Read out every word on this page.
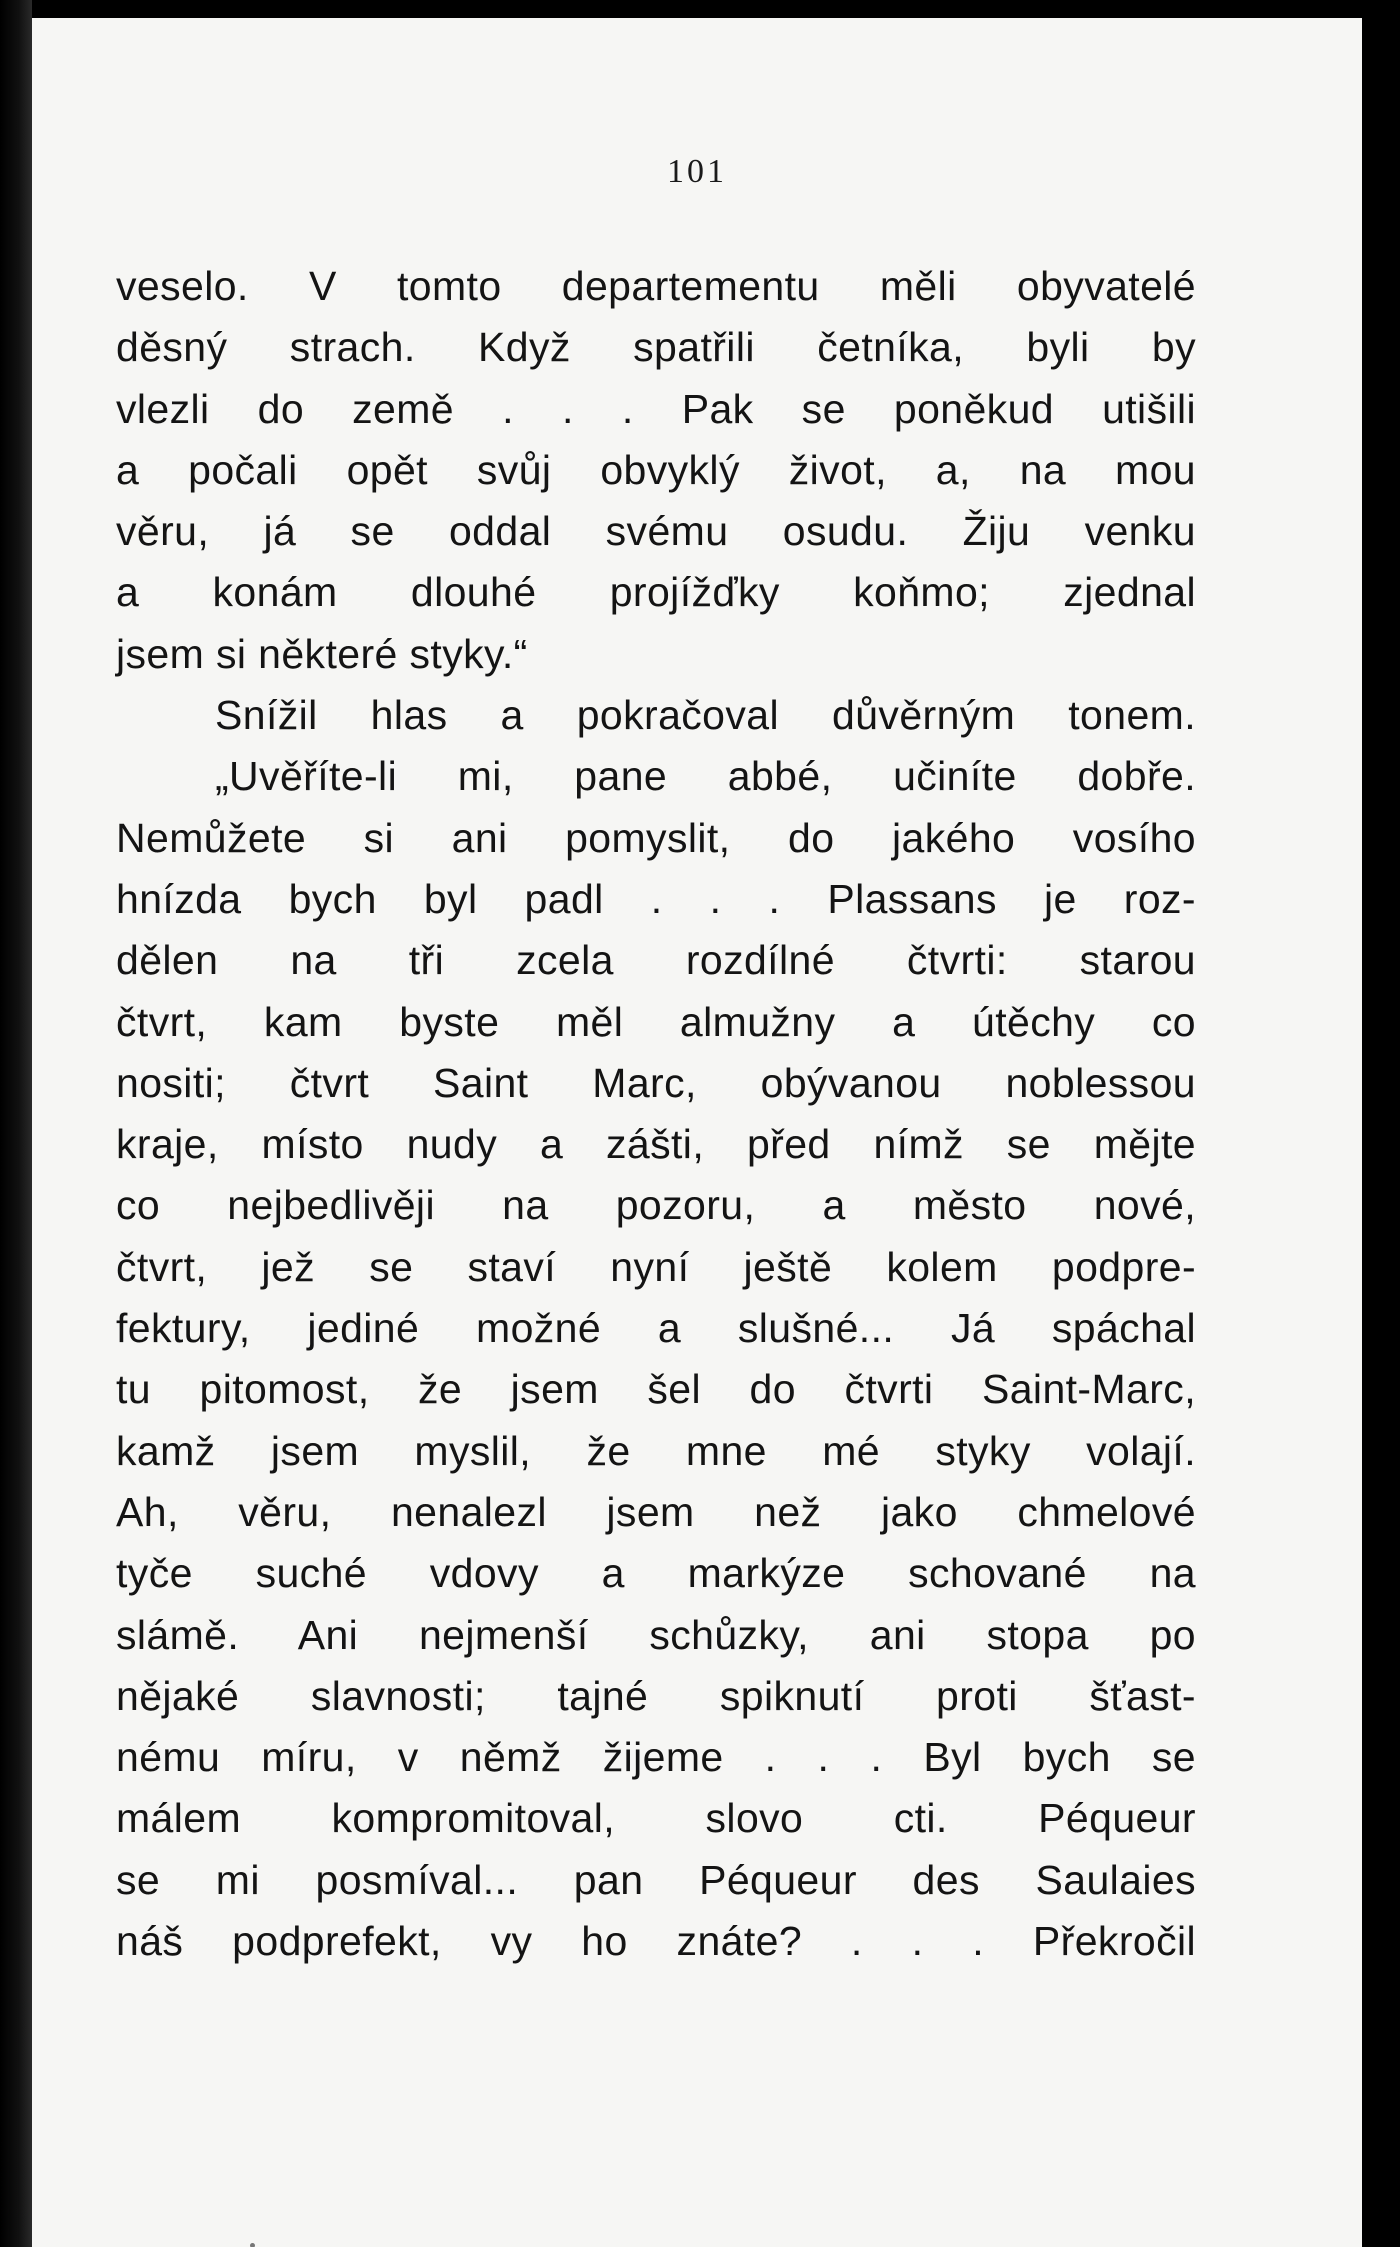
101
veselo. V tomto departementu měli obyvatelé
děsný strach. Když spatřili četníka, byli by
vlezli do země . . . Pak se poněkud utišili
a počali opět svůj obvyklý život, a, na mou
věru, já se oddal svému osudu. Žiju venku
a konám dlouhé projížďky koňmo; zjednal
jsem si některé styky.“
Snížil hlas a pokračoval důvěrným tonem.
„Uvěříte-li mi, pane abbé, učiníte dobře.
Nemůžete si ani pomyslit, do jakého vosího
hnízda bych byl padl . . . Plassans je roz-
dělen na tři zcela rozdílné čtvrti: starou
čtvrt, kam byste měl almužny a útěchy co
nositi; čtvrt Saint Marc, obývanou noblessou
kraje, místo nudy a zášti, před nímž se mějte
co nejbedlivěji na pozoru, a město nové,
čtvrt, jež se staví nyní ještě kolem podpre-
fektury, jediné možné a slušné... Já spáchal
tu pitomost, že jsem šel do čtvrti Saint-Marc,
kamž jsem myslil, že mne mé styky volají.
Ah, věru, nenalezl jsem než jako chmelové
tyče suché vdovy a markýze schované na
slámě. Ani nejmenší schůzky, ani stopa po
nějaké slavnosti; tajné spiknutí proti šťast-
nému míru, v němž žijeme . . . Byl bych se
málem kompromitoval, slovo cti. Péqueur
se mi posmíval... pan Péqueur des Saulaies
náš podprefekt, vy ho znáte? . . . Překročil
